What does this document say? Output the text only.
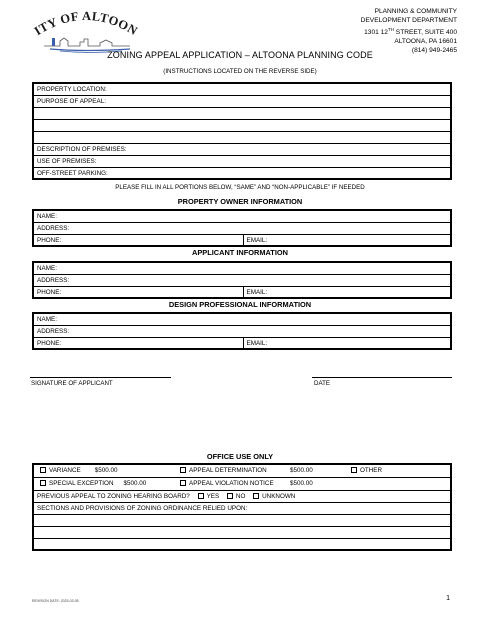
ITY OF ALTOON
PLANNING & COMMUNITY
DEVELOPMENT DEPARTMENT
1301 12TH STREET, SUITE 400
ALTOONA, PA 16601
(814) 949-2465
ZONING APPEAL APPLICATION – ALTOONA PLANNING CODE
(INSTRUCTIONS LOCATED ON THE REVERSE SIDE)
PROPERTY LOCATION:
PURPOSE OF APPEAL:

DESCRIPTION OF PREMISES:
USE OF PREMISES:
OFF-STREET PARKING:
PLEASE FILL IN ALL PORTIONS BELOW, “SAME” AND “NON-APPLICABLE” IF NEEDED
PROPERTY OWNER INFORMATION
NAME:
ADDRESS:
PHONE:	EMAIL:
APPLICANT INFORMATION
NAME:
ADDRESS:
PHONE:	EMAIL:
DESIGN PROFESSIONAL INFORMATION
NAME:
ADDRESS:
PHONE:	EMAIL:
SIGNATURE OF APPLICANT	DATE
OFFICE USE ONLY
VARIANCE $500.00	APPEAL DETERMINATION	$500.00	OTHER

SPECIAL EXCEPTION $500.00	APPEAL VIOLATION NOTICE	$500.00

PREVIOUS APPEAL TO ZONING HEARING BOARD?	YES	NO	UNKNOWN
SECTIONS AND PROVISIONS OF ZONING ORDINANCE RELIED UPON:

REVISION DATE: 2023-03-05	1
